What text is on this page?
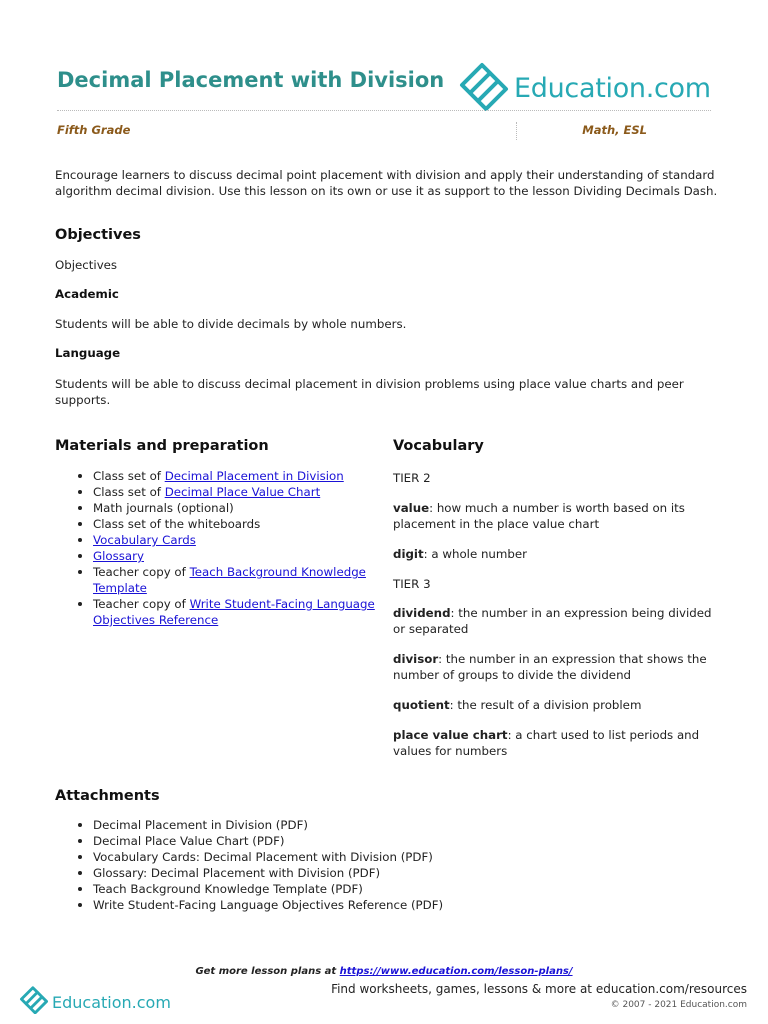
Decimal Placement with Division	Education.com
Fifth Grade	Math, ESL

Encourage learners to discuss decimal point placement with division and apply their understanding of standard algorithm decimal division. Use this lesson on its own or use it as support to the lesson Dividing Decimals Dash.

Objectives

Objectives

Academic

Students will be able to divide decimals by whole numbers.

Language

Students will be able to discuss decimal placement in division problems using place value charts and peer supports.

Materials and preparation
Class set of Decimal Placement in Division
Class set of Decimal Place Value Chart
Math journals (optional)
Class set of the whiteboards
Vocabulary Cards
Glossary
Teacher copy of Teach Background Knowledge Template
Teacher copy of Write Student-Facing Language Objectives Reference
Vocabulary

TIER 2

value: how much a number is worth based on its placement in the place value chart

digit: a whole number

TIER 3

dividend: the number in an expression being divided or separated

divisor: the number in an expression that shows the number of groups to divide the dividend

quotient: the result of a division problem

place value chart: a chart used to list periods and values for numbers

Attachments
Decimal Placement in Division (PDF)
Decimal Place Value Chart (PDF)
Vocabulary Cards: Decimal Placement with Division (PDF)
Glossary: Decimal Placement with Division (PDF)
Teach Background Knowledge Template (PDF)
Write Student-Facing Language Objectives Reference (PDF)
Get more lesson plans at https://www.education.com/lesson-plans/
Education.com
Find worksheets, games, lessons & more at education.com/resources
© 2007 - 2021 Education.com
